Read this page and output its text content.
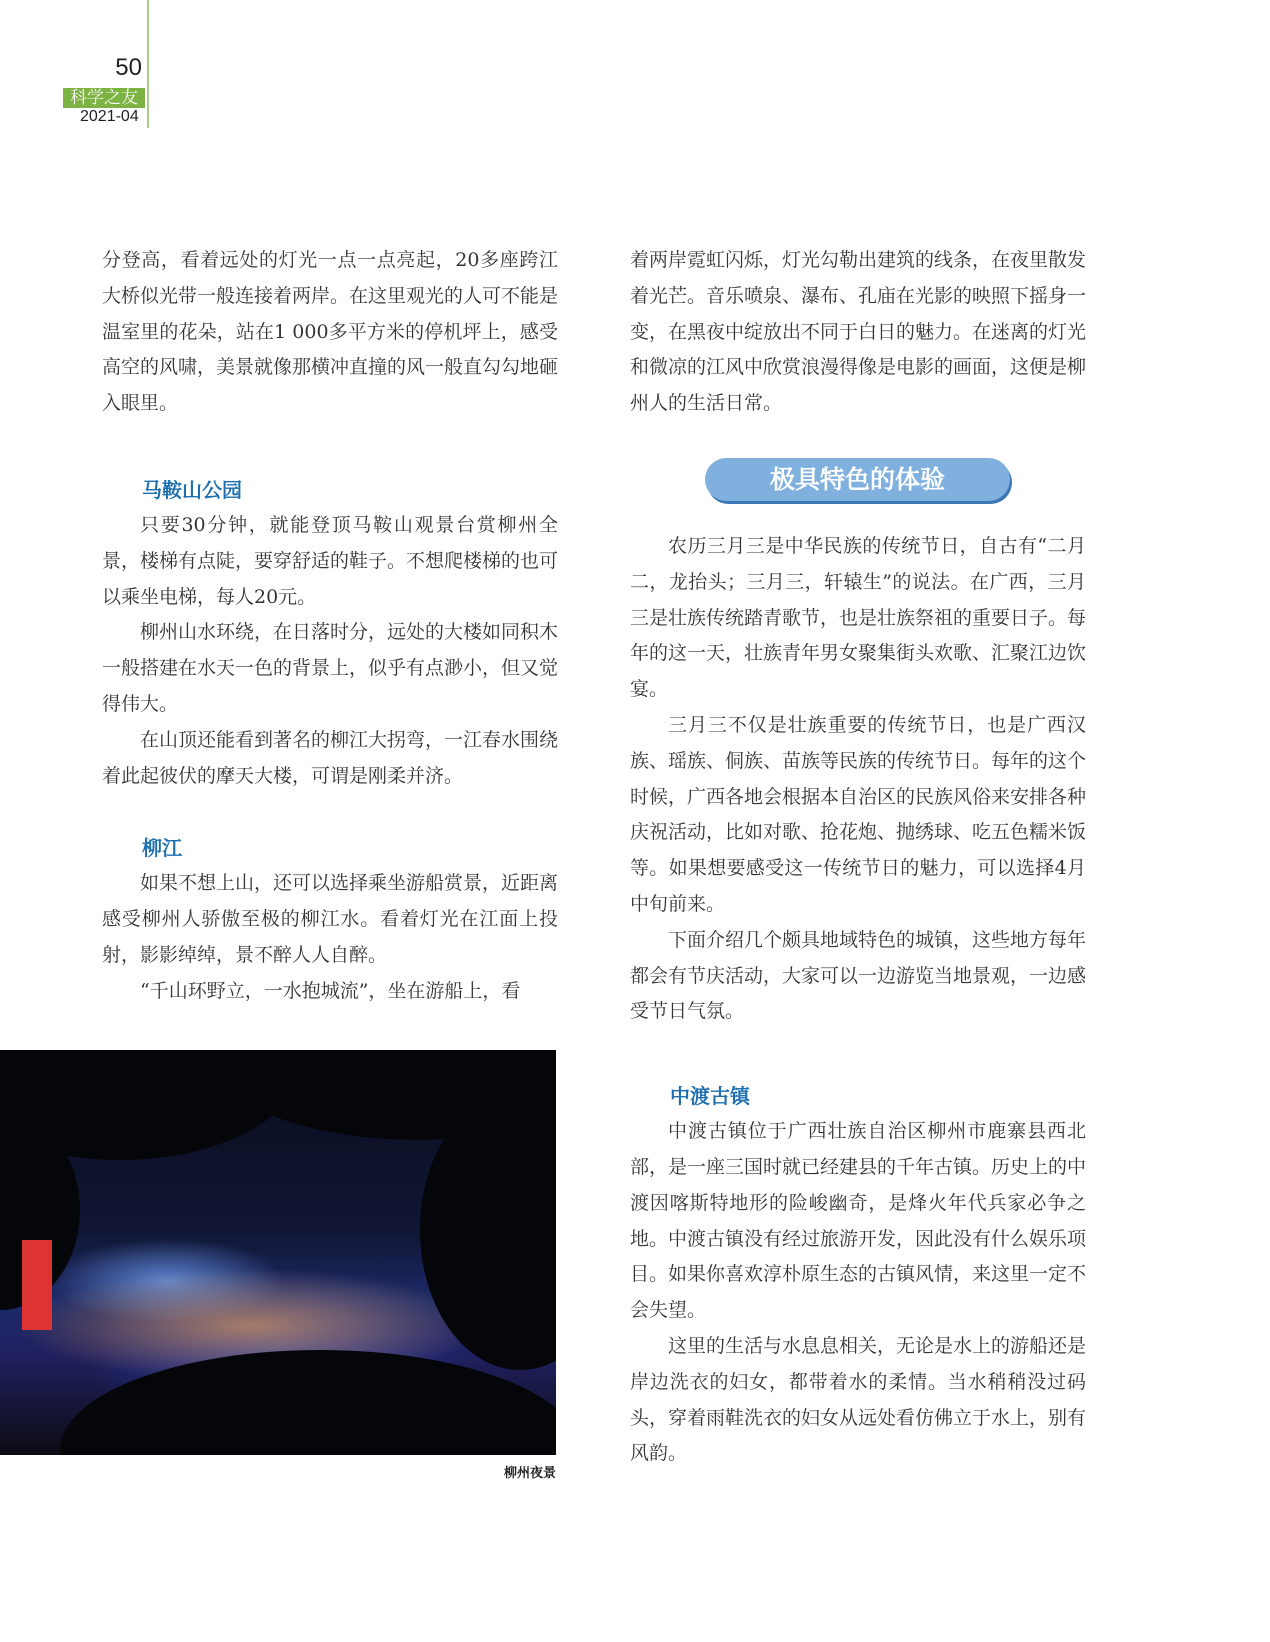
50
科学之友
2021-04

分登高，看着远处的灯光一点一点亮起，20多座跨江大桥似光带一般连接着两岸。在这里观光的人可不能是温室里的花朵，站在1 000多平方米的停机坪上，感受高空的风啸，美景就像那横冲直撞的风一般直勾勾地砸入眼里。

马鞍山公园

只要30分钟，就能登顶马鞍山观景台赏柳州全景，楼梯有点陡，要穿舒适的鞋子。不想爬楼梯的也可以乘坐电梯，每人20元。

柳州山水环绕，在日落时分，远处的大楼如同积木一般搭建在水天一色的背景上，似乎有点渺小，但又觉得伟大。

在山顶还能看到著名的柳江大拐弯，一江春水围绕着此起彼伏的摩天大楼，可谓是刚柔并济。

柳江

如果不想上山，还可以选择乘坐游船赏景，近距离感受柳州人骄傲至极的柳江水。看着灯光在江面上投射，影影绰绰，景不醉人人自醉。

“千山环野立，一水抱城流”，坐在游船上，看

柳州夜景

着两岸霓虹闪烁，灯光勾勒出建筑的线条，在夜里散发着光芒。音乐喷泉、瀑布、孔庙在光影的映照下摇身一变，在黑夜中绽放出不同于白日的魅力。在迷离的灯光和微凉的江风中欣赏浪漫得像是电影的画面，这便是柳州人的生活日常。

极具特色的体验

农历三月三是中华民族的传统节日，自古有“二月二，龙抬头；三月三，轩辕生”的说法。在广西，三月三是壮族传统踏青歌节，也是壮族祭祖的重要日子。每年的这一天，壮族青年男女聚集街头欢歌、汇聚江边饮宴。

三月三不仅是壮族重要的传统节日，也是广西汉族、瑶族、侗族、苗族等民族的传统节日。每年的这个时候，广西各地会根据本自治区的民族风俗来安排各种庆祝活动，比如对歌、抢花炮、抛绣球、吃五色糯米饭等。如果想要感受这一传统节日的魅力，可以选择4月中旬前来。

下面介绍几个颇具地域特色的城镇，这些地方每年都会有节庆活动，大家可以一边游览当地景观，一边感受节日气氛。

中渡古镇

中渡古镇位于广西壮族自治区柳州市鹿寨县西北部，是一座三国时就已经建县的千年古镇。历史上的中渡因喀斯特地形的险峻幽奇，是烽火年代兵家必争之地。中渡古镇没有经过旅游开发，因此没有什么娱乐项目。如果你喜欢淳朴原生态的古镇风情，来这里一定不会失望。

这里的生活与水息息相关，无论是水上的游船还是岸边洗衣的妇女，都带着水的柔情。当水稍稍没过码头，穿着雨鞋洗衣的妇女从远处看仿佛立于水上，别有风韵。
